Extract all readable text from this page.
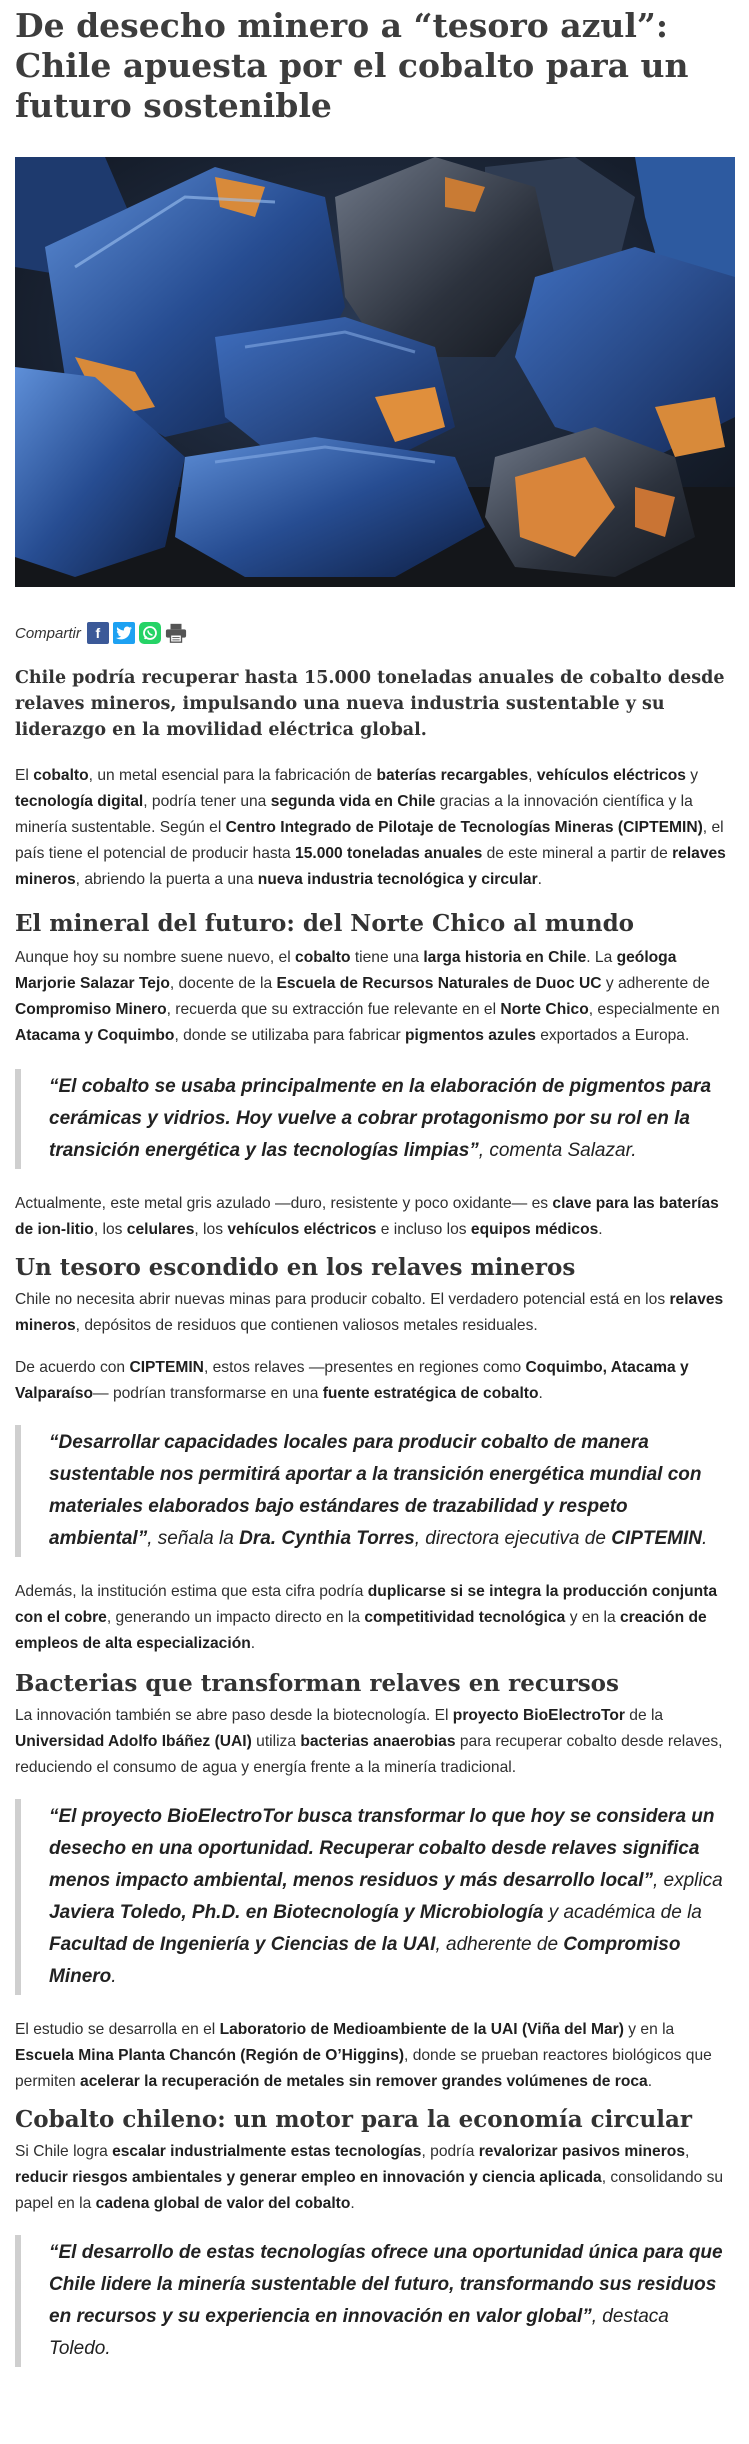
De desecho minero a “tesoro azul”: Chile apuesta por el cobalto para un futuro sostenible
Compartir	f

Chile podría recuperar hasta 15.000 toneladas anuales de cobalto desde relaves mineros, impulsando una nueva industria sustentable y su liderazgo en la movilidad eléctrica global.

El cobalto, un metal esencial para la fabricación de baterías recargables, vehículos eléctricos y tecnología digital, podría tener una segunda vida en Chile gracias a la innovación científica y la minería sustentable. Según el Centro Integrado de Pilotaje de Tecnologías Mineras (CIPTEMIN), el país tiene el potencial de producir hasta 15.000 toneladas anuales de este mineral a partir de relaves mineros, abriendo la puerta a una nueva industria tecnológica y circular.

El mineral del futuro: del Norte Chico al mundo

Aunque hoy su nombre suene nuevo, el cobalto tiene una larga historia en Chile. La geóloga Marjorie Salazar Tejo, docente de la Escuela de Recursos Naturales de Duoc UC y adherente de Compromiso Minero, recuerda que su extracción fue relevante en el Norte Chico, especialmente en Atacama y Coquimbo, donde se utilizaba para fabricar pigmentos azules exportados a Europa.

“El cobalto se usaba principalmente en la elaboración de pigmentos para cerámicas y vidrios. Hoy vuelve a cobrar protagonismo por su rol en la transición energética y las tecnologías limpias”, comenta Salazar.

Actualmente, este metal gris azulado —duro, resistente y poco oxidante— es clave para las baterías de ion-litio, los celulares, los vehículos eléctricos e incluso los equipos médicos.

Un tesoro escondido en los relaves mineros

Chile no necesita abrir nuevas minas para producir cobalto. El verdadero potencial está en los relaves mineros, depósitos de residuos que contienen valiosos metales residuales.

De acuerdo con CIPTEMIN, estos relaves —presentes en regiones como Coquimbo, Atacama y Valparaíso— podrían transformarse en una fuente estratégica de cobalto.

“Desarrollar capacidades locales para producir cobalto de manera sustentable nos permitirá aportar a la transición energética mundial con materiales elaborados bajo estándares de trazabilidad y respeto ambiental”, señala la Dra. Cynthia Torres, directora ejecutiva de CIPTEMIN.

Además, la institución estima que esta cifra podría duplicarse si se integra la producción conjunta con el cobre, generando un impacto directo en la competitividad tecnológica y en la creación de empleos de alta especialización.

Bacterias que transforman relaves en recursos

La innovación también se abre paso desde la biotecnología. El proyecto BioElectroTor de la Universidad Adolfo Ibáñez (UAI) utiliza bacterias anaerobias para recuperar cobalto desde relaves, reduciendo el consumo de agua y energía frente a la minería tradicional.

“El proyecto BioElectroTor busca transformar lo que hoy se considera un desecho en una oportunidad. Recuperar cobalto desde relaves significa menos impacto ambiental, menos residuos y más desarrollo local”, explica Javiera Toledo, Ph.D. en Biotecnología y Microbiología y académica de la Facultad de Ingeniería y Ciencias de la UAI, adherente de Compromiso Minero.

El estudio se desarrolla en el Laboratorio de Medioambiente de la UAI (Viña del Mar) y en la Escuela Mina Planta Chancón (Región de O’Higgins), donde se prueban reactores biológicos que permiten acelerar la recuperación de metales sin remover grandes volúmenes de roca.

Cobalto chileno: un motor para la economía circular

Si Chile logra escalar industrialmente estas tecnologías, podría revalorizar pasivos mineros, reducir riesgos ambientales y generar empleo en innovación y ciencia aplicada, consolidando su papel en la cadena global de valor del cobalto.

“El desarrollo de estas tecnologías ofrece una oportunidad única para que Chile lidere la minería sustentable del futuro, transformando sus residuos en recursos y su experiencia en innovación en valor global”, destaca Toledo.
